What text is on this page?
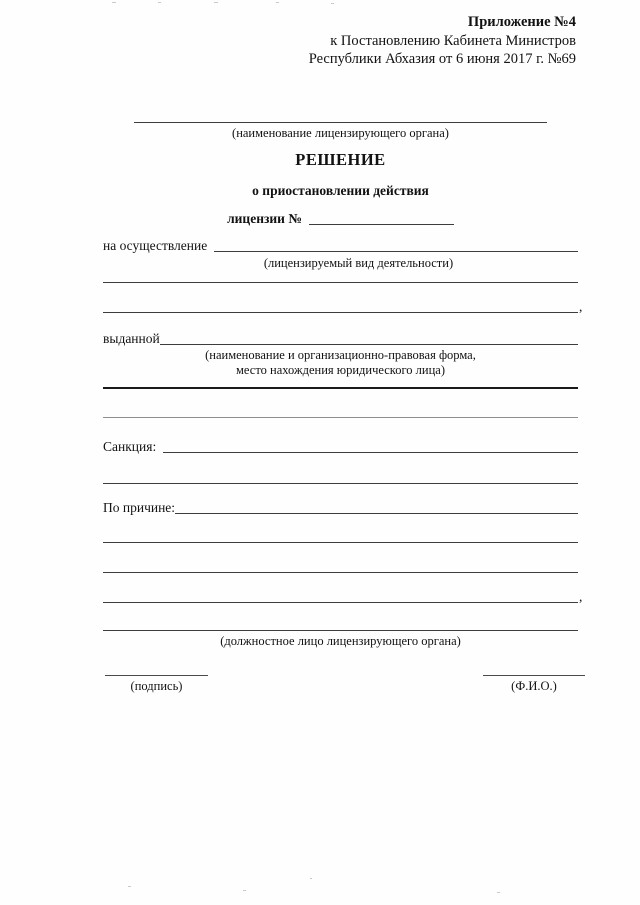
Приложение №4
к Постановлению Кабинета Министров
Республики Абхазия от 6 июня 2017 г. №69
(наименование лицензирующего органа)
РЕШЕНИЕ
о приостановлении действия
лицензии №
на осуществление
(лицензируемый вид деятельности)
,
выданной
(наименование и организационно-правовая форма,
место нахождения юридического лица)
Санкция:
По причине:
,
(должностное лицо лицензирующего органа)
(подпись)	(Ф.И.О.)
